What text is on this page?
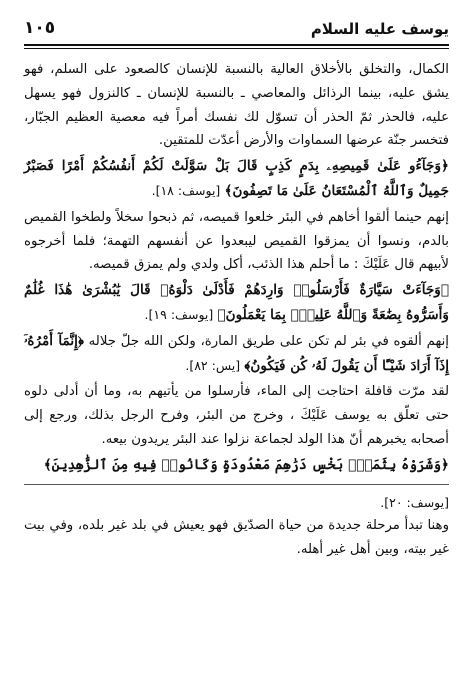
يوسف عليه السلام
١٠٥

الكمال، والتخلق بالأخلاق العالية بالنسبة للإنسان كالصعود على السلم، فهو يشق عليه، بينما الرذائل والمعاصي ـ بالنسبة للإنسان ـ كالنزول فهو يسهل عليه، فالحذر ثمّ الحذر أن تسوّل لك نفسك أمراً فيه معصية العظيم الجبّار، فتخسر جنّة عرضها السماوات والأرض أعدّت للمتقين.

﴿وَجَآءُو عَلَىٰ قَمِيصِهِۦ بِدَمٍ كَذِبٍ قَالَ بَلْ سَوَّلَتْ لَكُمْ أَنفُسُكُمْ أَمْرًا فَصَبْرٌ جَمِيلٌ وَٱللَّهُ ٱلْمُسْتَعَانُ عَلَىٰ مَا تَصِفُونَ﴾ [يوسف: ١٨].

إنهم حينما ألقوا أخاهم في البئر خلعوا قميصه، ثم ذبحوا سخلاً ولطخوا القميص بالدم، ونسوا أن يمزقوا القميص ليبعدوا عن أنفسهم التهمة؛ فلما أخرجوه لأبيهم قال عَلَيْكَ : ما أحلم هذا الذئب، أكل ولدي ولم يمزق قميصه.

﴿وَجَآءَتْ سَيَّارَةٌ فَأَرْسَلُوا۟ وَارِدَهُمْ فَأَدْلَىٰ دَلْوَهُۥ قَالَ يَٰبُشْرَىٰ هَٰذَا غُلَٰمٌ وَأَسَرُّوهُ بِضَٰعَةً وَٱللَّهُ عَلِيمٌۢ بِمَا يَعْمَلُونَ﴾ [يوسف: ١٩].

إنهم ألقوه في بئر لم تكن على طريق المارة، ولكن الله جلّ جلاله ﴿إِنَّمَآ أَمْرُهُۥٓ إِذَآ أَرَادَ شَيْـًٔا أَن يَقُولَ لَهُۥ كُن فَيَكُونُ﴾ [يس: ٨٢].

لقد مرّت قافلة احتاجت إلى الماء، فأرسلوا من يأتيهم به، وما أن أدلى دلوه حتى تعلّق به يوسف عَلَيْكَ ، وخرج من البئر، وفرح الرجل بذلك، ورجع إلى أصحابه يخبرهم أنّ هذا الولد لجماعة نزلوا عند البئر يريدون بيعه.

﴿وَشَرَوْهُ بِثَمَنٍۭ بَخْسٍ دَرَٰهِمَ مَعْدُودَةٍ وَكَانُوا۟ فِيهِ مِنَ ٱلزَّٰهِدِينَ﴾

[يوسف: ٢٠].

وهنا تبدأ مرحلة جديدة من حياة الصدّيق فهو يعيش في بلد غير بلده، وفي بيت غير بيته، وبين أهل غير أهله.
